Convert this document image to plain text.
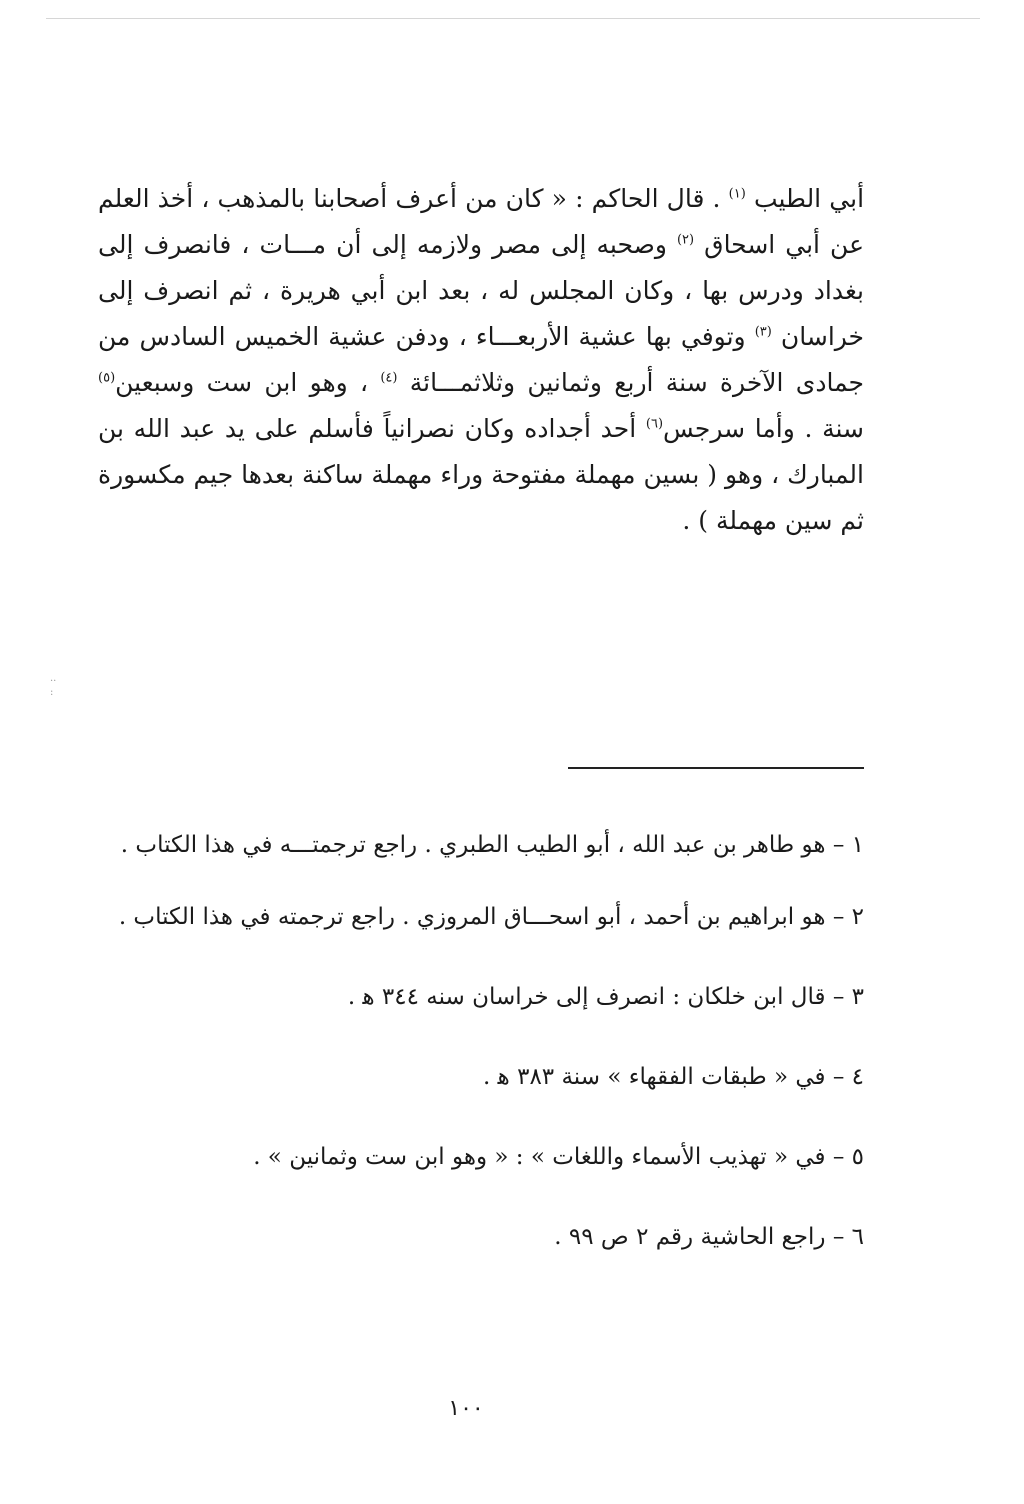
أبي الطيب $^{(١)}$ . قال الحاكم : « كان من أعرف أصحابنا بالمذهب ، أخذ العلم عن أبي اسحاق $^{(٢)}$ وصحبه إلى مصر ولازمه إلى أن مـــات ، فانصرف إلى بغداد ودرس بها ، وكان المجلس له ، بعد ابن أبي هريرة ، ثم انصرف إلى خراسان $^{(٣)}$ وتوفي بها عشية الأربعـــاء ، ودفن عشية الخميس السادس من جمادى الآخرة سنة أربع وثمانين وثلاثمـــائة $^{(٤)}$ ، وهو ابن ست وسبعين$^{(٥)}$ سنة . وأما سرجس$^{(٦)}$ أحد أجداده وكان نصرانياً فأسلم على يد عبد الله بن المبارك ، وهو ( بسين مهملة مفتوحة وراء مهملة ساكنة بعدها جيم مكسورة ثم سين مهملة ) .

..
:

١ – هو طاهر بن عبد الله ، أبو الطيب الطبري . راجع ترجمتـــه في هذا الكتاب .

٢ – هو ابراهيم بن أحمد ، أبو اسحـــاق المروزي . راجع ترجمته في هذا الكتاب .

٣ – قال ابن خلكان : انصرف إلى خراسان سنه ٣٤٤ ﻫ .

٤ – في « طبقات الفقهاء » سنة ٣٨٣ ﻫ .

٥ – في « تهذيب الأسماء واللغات » : « وهو ابن ست وثمانين » .

٦ – راجع الحاشية رقم ٢ ص ٩٩ .

١٠٠
